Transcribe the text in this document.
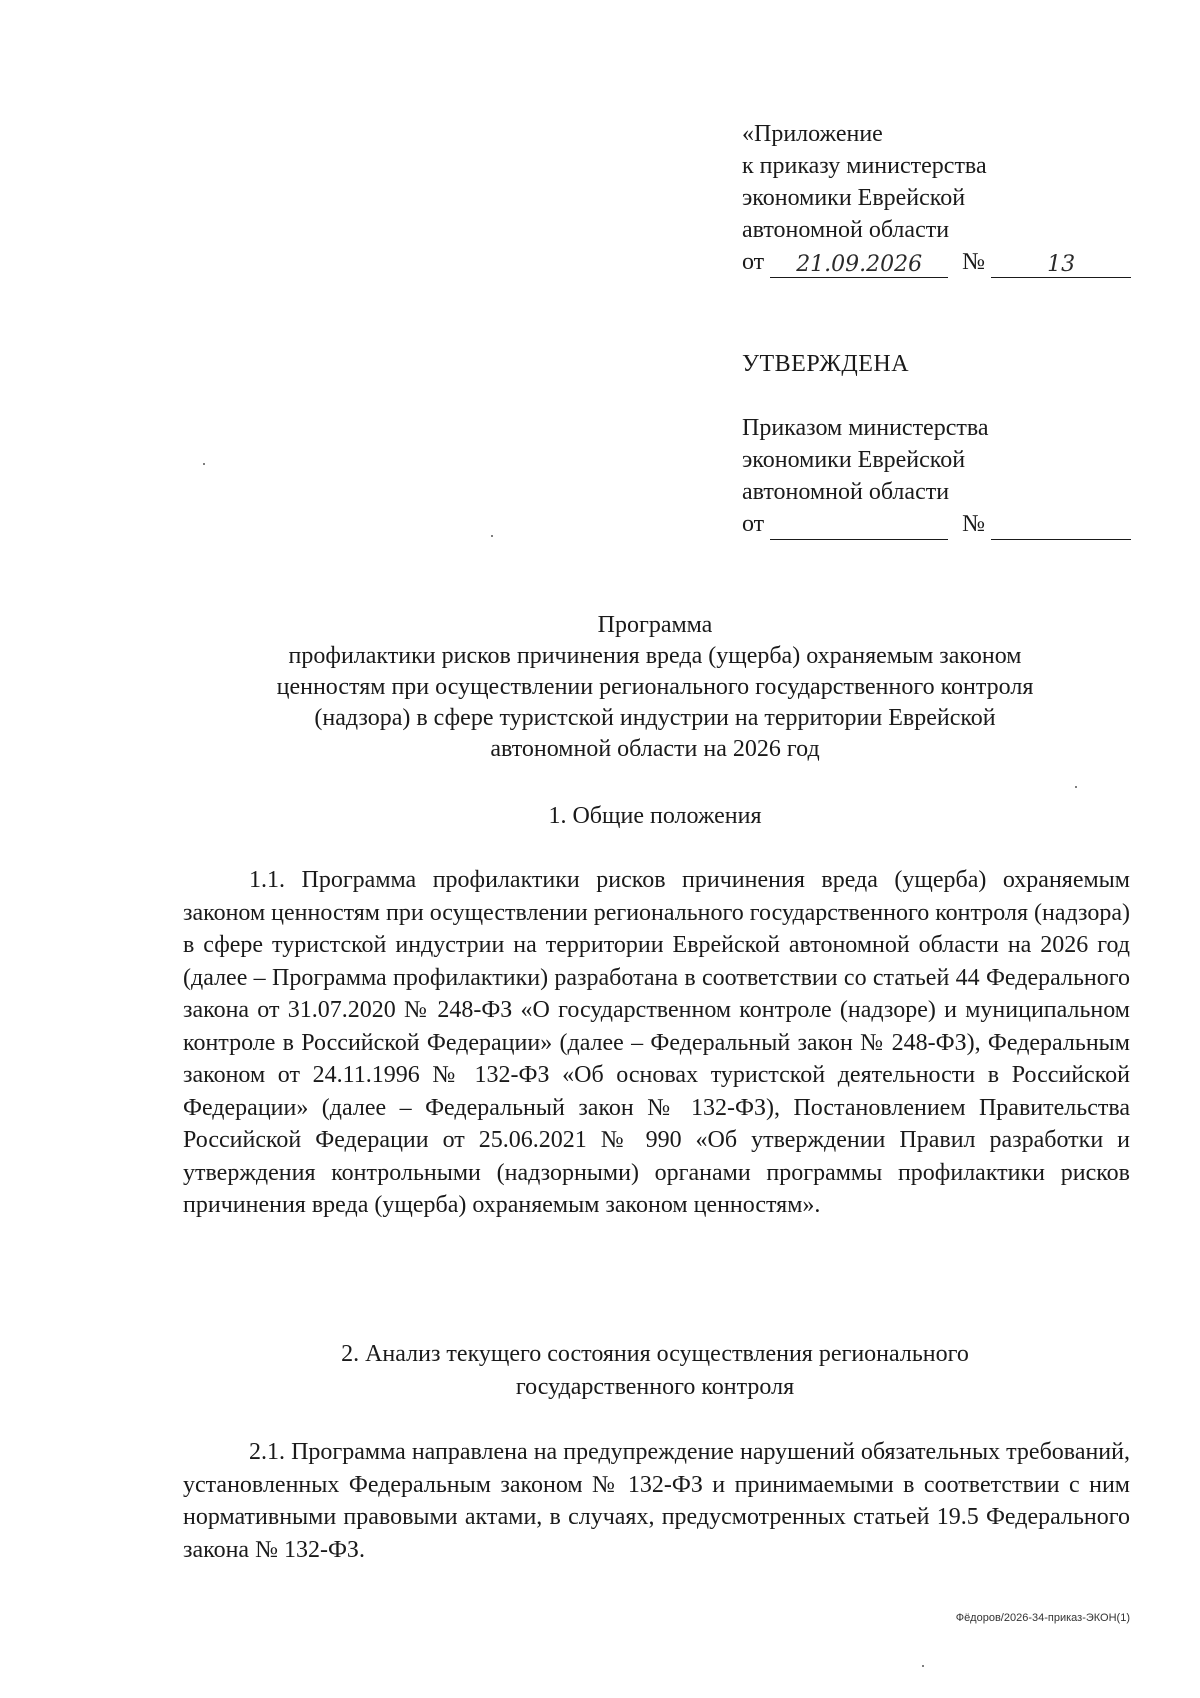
«Приложение
к приказу министерства
экономики Еврейской
автономной области
от 21.09.2026 №	13
УТВЕРЖДЕНА
Приказом министерства
экономики Еврейской
автономной области
от	№
Программа
профилактики рисков причинения вреда (ущерба) охраняемым законом
ценностям при осуществлении регионального государственного контроля
(надзора) в сфере туристской индустрии на территории Еврейской
автономной области на 2026 год
1. Общие положения
1.1. Программа профилактики рисков причинения вреда (ущерба) охраняемым законом ценностям при осуществлении регионального государственного контроля (надзора) в сфере туристской индустрии на территории Еврейской автономной области на 2026 год (далее – Программа профилактики) разработана в соответствии со статьей 44 Федерального закона от 31.07.2020 № 248-ФЗ «О государственном контроле (надзоре) и муниципальном контроле в Российской Федерации» (далее – Федеральный закон № 248-ФЗ), Федеральным законом от 24.11.1996 № 132-ФЗ «Об основах туристской деятельности в Российской Федерации» (далее – Федеральный закон № 132-ФЗ), Постановлением Правительства Российской Федерации от 25.06.2021 № 990 «Об утверждении Правил разработки и утверждения контрольными (надзорными) органами программы профилактики рисков причинения вреда (ущерба) охраняемым законом ценностям».
2. Анализ текущего состояния осуществления регионального
государственного контроля
2.1. Программа направлена на предупреждение нарушений обязательных требований, установленных Федеральным законом № 132-ФЗ и принимаемыми в соответствии с ним нормативными правовыми актами, в случаях, предусмотренных статьей 19.5 Федерального закона № 132-ФЗ.
Фёдоров/2026-34-приказ-ЭКОН(1)
